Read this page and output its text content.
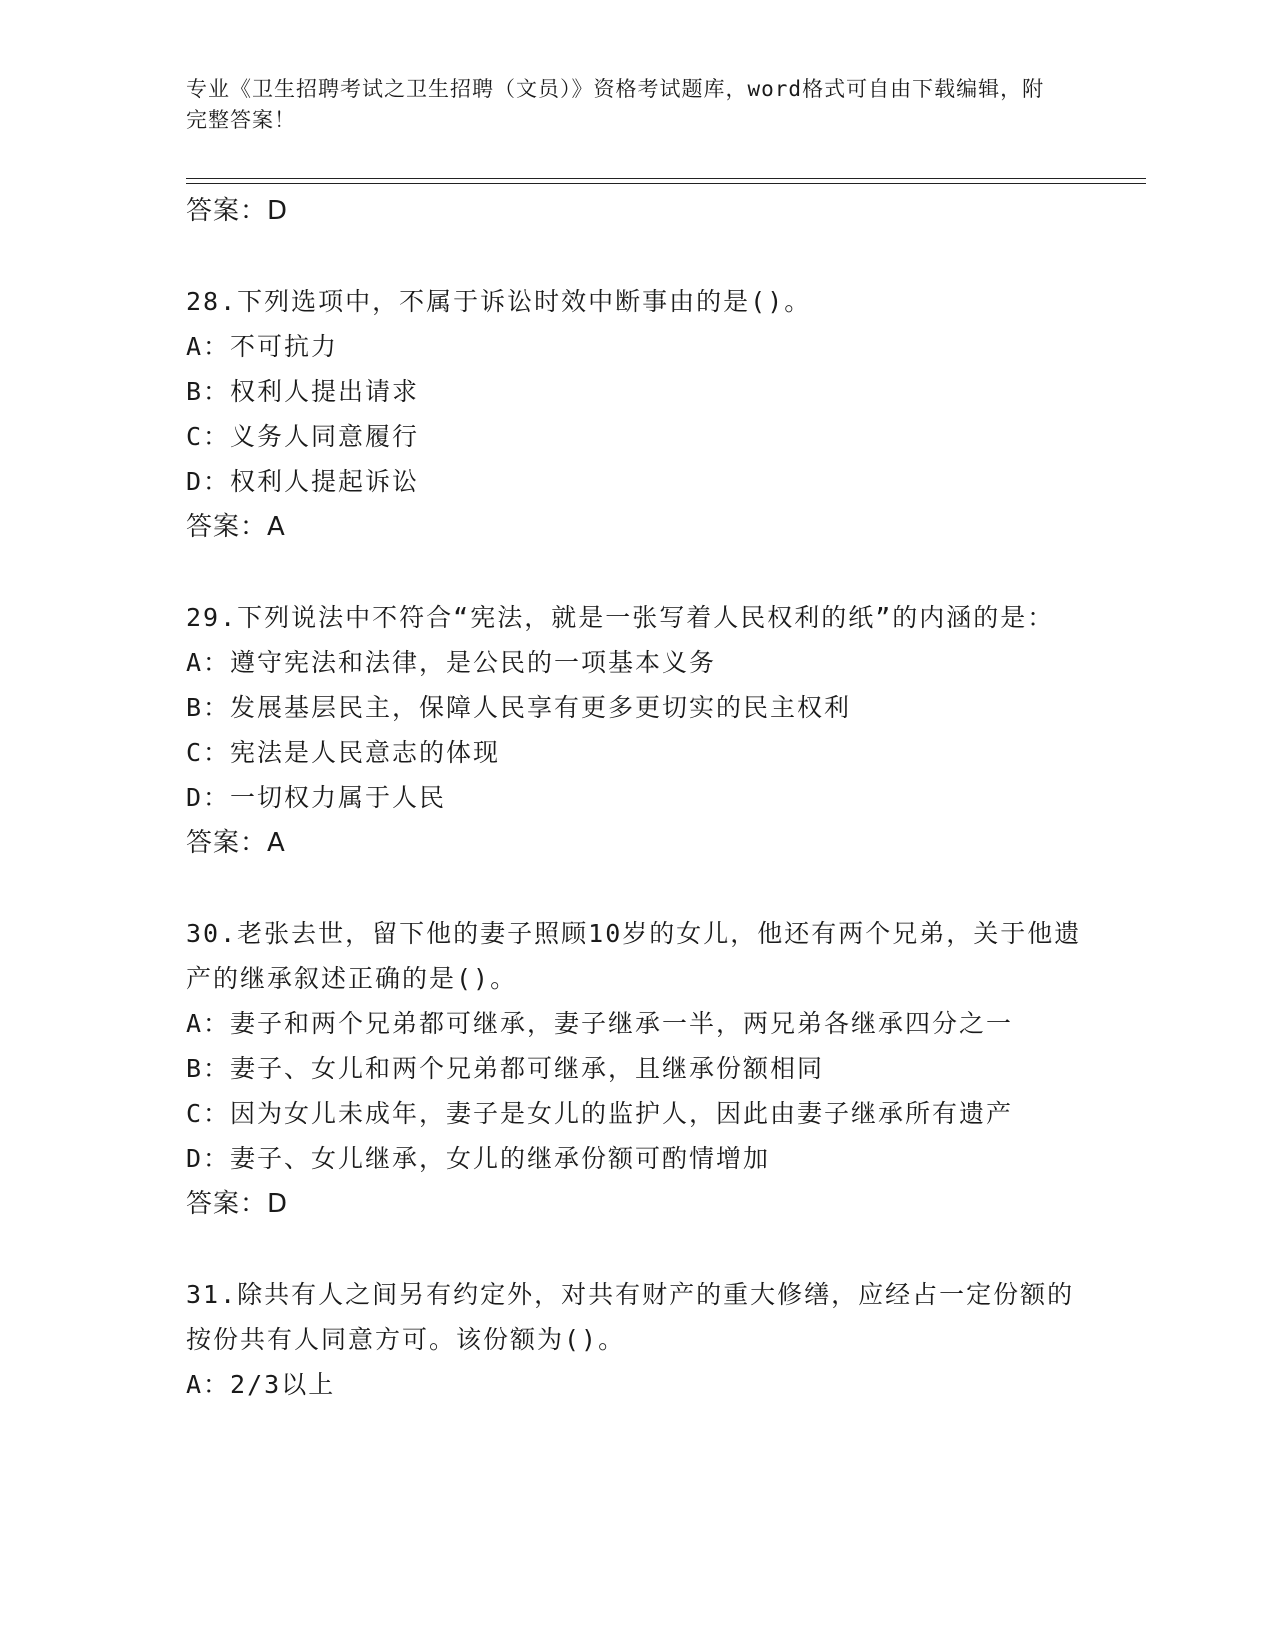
专业《卫生招聘考试之卫生招聘（文员）》资格考试题库，word格式可自由下载编辑，附完整答案！
答案：D
28.下列选项中，不属于诉讼时效中断事由的是()。
A：不可抗力
B：权利人提出请求
C：义务人同意履行
D：权利人提起诉讼
答案：A
29.下列说法中不符合“宪法，就是一张写着人民权利的纸”的内涵的是：
A：遵守宪法和法律，是公民的一项基本义务
B：发展基层民主，保障人民享有更多更切实的民主权利
C：宪法是人民意志的体现
D：一切权力属于人民
答案：A
30.老张去世，留下他的妻子照顾10岁的女儿，他还有两个兄弟，关于他遗产的继承叙述正确的是()。
A：妻子和两个兄弟都可继承，妻子继承一半，两兄弟各继承四分之一
B：妻子、女儿和两个兄弟都可继承，且继承份额相同
C：因为女儿未成年，妻子是女儿的监护人，因此由妻子继承所有遗产
D：妻子、女儿继承，女儿的继承份额可酌情增加
答案：D
31.除共有人之间另有约定外，对共有财产的重大修缮，应经占一定份额的按份共有人同意方可。该份额为()。
A：2/3以上
